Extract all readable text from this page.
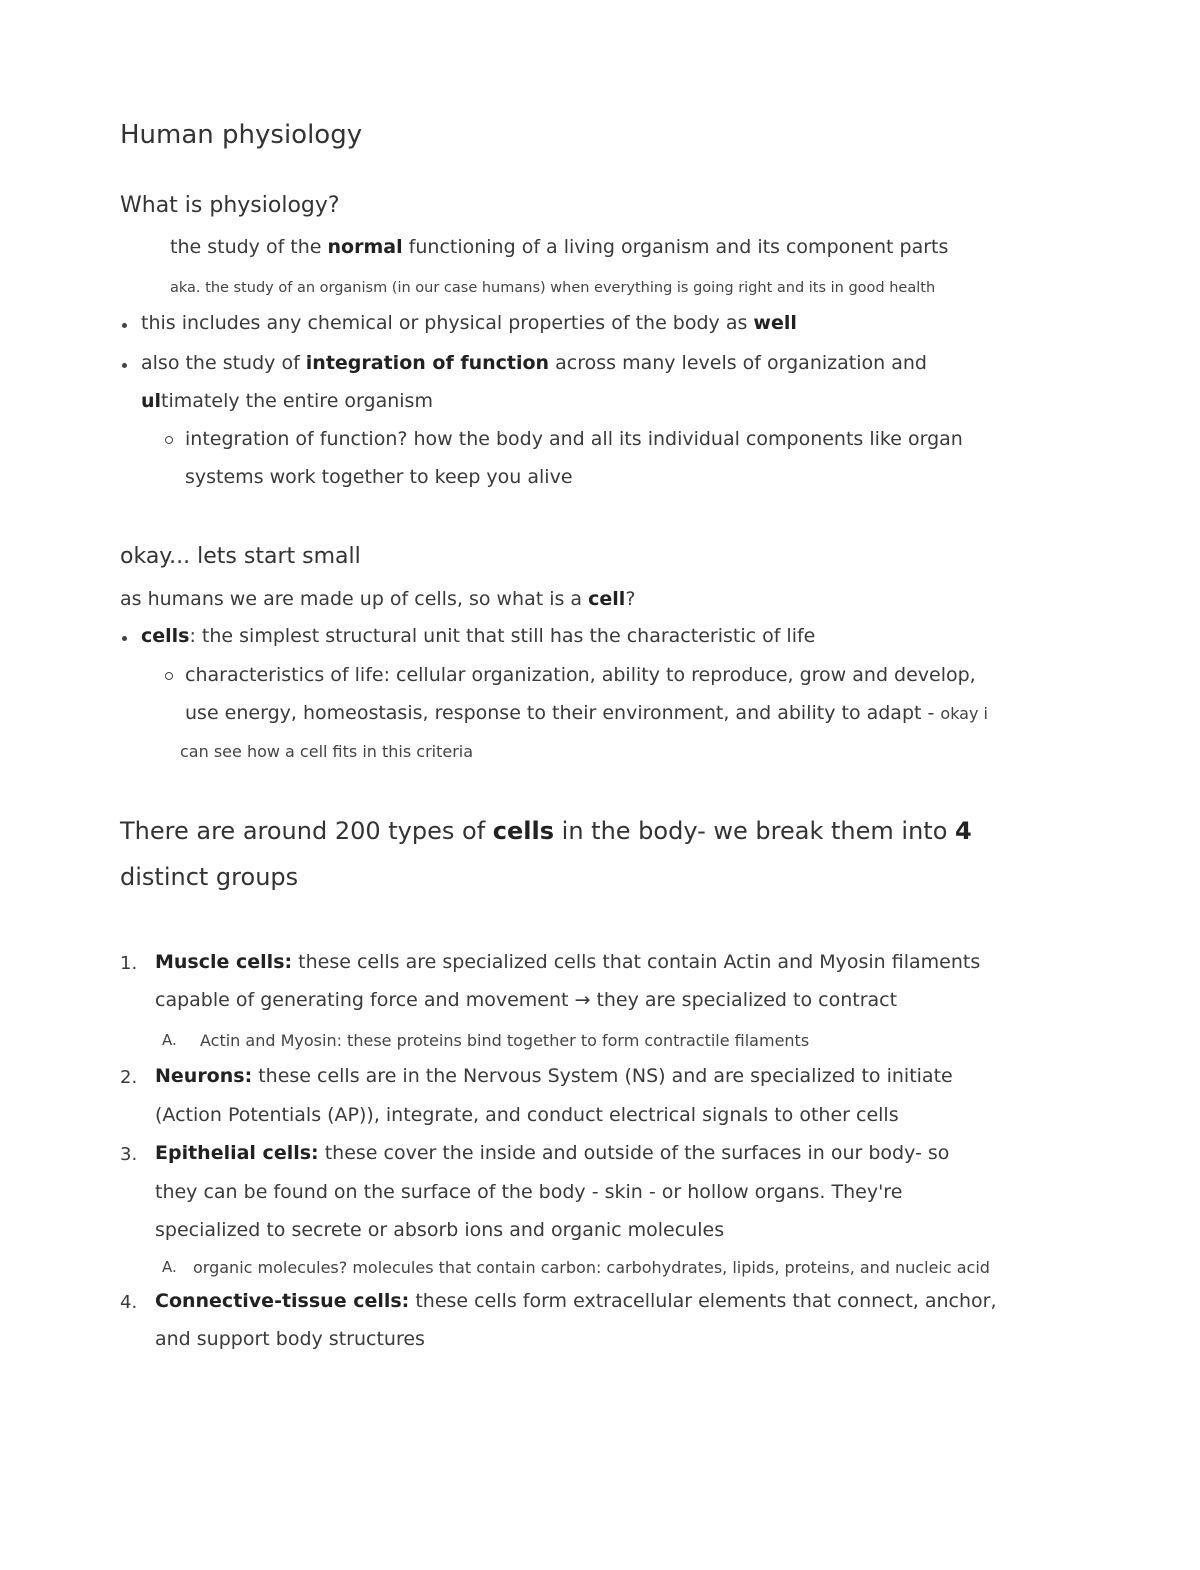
Human physiology
What is physiology?
the study of the normal functioning of a living organism and its component parts
aka. the study of an organism (in our case humans) when everything is going right and its in good health
this includes any chemical or physical properties of the body as well
also the study of integration of function across many levels of organization and
ultimately the entire organism
integration of function? how the body and all its individual components like organ
systems work together to keep you alive
okay... lets start small
as humans we are made up of cells, so what is a cell?
cells: the simplest structural unit that still has the characteristic of life
characteristics of life: cellular organization, ability to reproduce, grow and develop,
use energy, homeostasis, response to their environment, and ability to adapt - okay i
can see how a cell fits in this criteria
There are around 200 types of cells in the body- we break them into 4
distinct groups
1. Muscle cells: these cells are specialized cells that contain Actin and Myosin filaments
capable of generating force and movement → they are specialized to contract
A. Actin and Myosin: these proteins bind together to form contractile filaments
2. Neurons: these cells are in the Nervous System (NS) and are specialized to initiate
(Action Potentials (AP)), integrate, and conduct electrical signals to other cells
3. Epithelial cells: these cover the inside and outside of the surfaces in our body- so
they can be found on the surface of the body - skin - or hollow organs. They're
specialized to secrete or absorb ions and organic molecules
A. organic molecules? molecules that contain carbon: carbohydrates, lipids, proteins, and nucleic acid
4. Connective-tissue cells: these cells form extracellular elements that connect, anchor,
and support body structures
